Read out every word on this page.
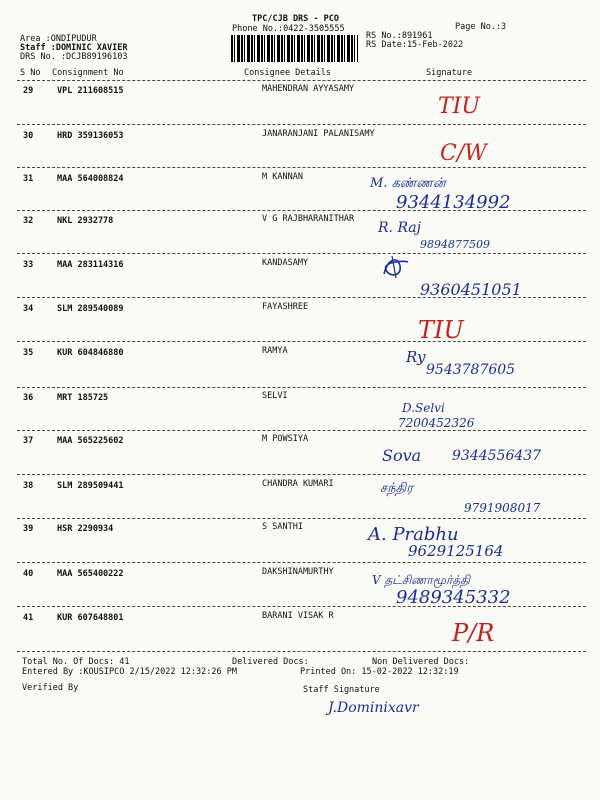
TPC/CJB DRS - PCO
Phone No.:0422-3505555	Page No.:3
Area :ONDIPUDUR
Staff :DOMINIC XAVIER
DRS No. :DCJB89196103
RS No.:891961
RS Date:15-Feb-2022
S No Consignment No	Consignee Details	Signature
29	VPL 211608515	MAHENDRAN AYYASAMY
TIU
30	HRD 359136053	JANARANJANI PALANISAMY
C/W
31	MAA 564008824	M KANNAN	M. கண்ணன்
9344134992
32	NKL 2932778	V G RAJBHARANITHAR
R. Raj
9894877509
33	MAA 283114316	KANDASAMY
9360451051
34	SLM 289540089	FAYASHREE
TIU
35	KUR 604846880	RAMYA	Ry
9543787605
36	MRT 185725	SELVI
D.Selvi
7200452326
37	MAA 565225602	M POWSIYA
Sova 9344556437
38	SLM 289509441	CHANDRA KUMARI	சந்திர
9791908017
39	HSR 2290934	S SANTHI	A. Prabhu
9629125164
40	MAA 565400222	DAKSHINAMURTHY
V தட்சிணாமூர்த்தி
9489345332
41	KUR 607648801	BARANI VISAK R
P/R
Total No. Of Docs: 41	Delivered Docs:	Non Delivered Docs:
Entered By :KOUSIPCO 2/15/2022 12:32:26 PM	Printed On: 15-02-2022 12:32:19
Verified By	Staff Signature
J.Dominixavr
